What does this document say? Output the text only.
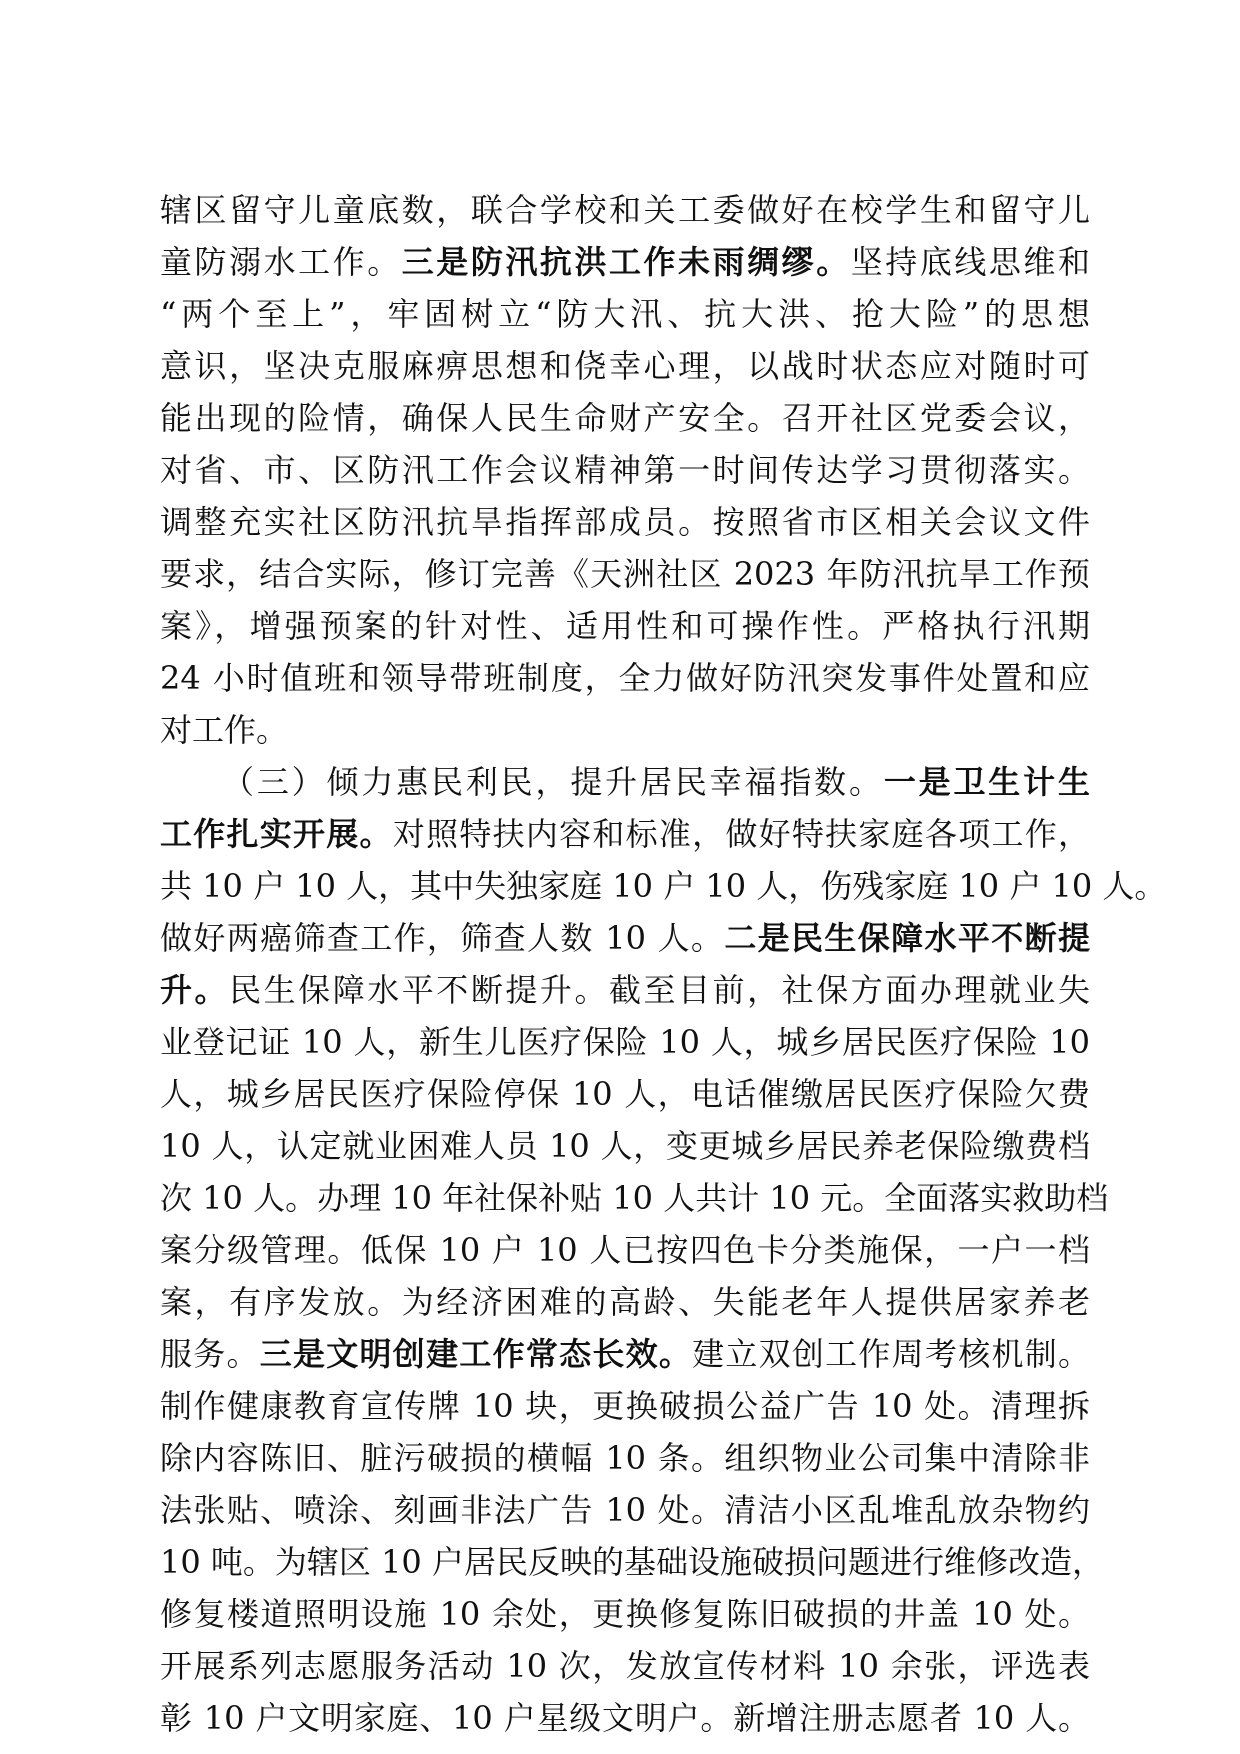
辖区留守儿童底数，联合学校和关工委做好在校学生和留守儿
童防溺水工作。三是防汛抗洪工作未雨绸缪。坚持底线思维和
“两个至上”，牢固树立“防大汛、抗大洪、抢大险”的思想
意识，坚决克服麻痹思想和侥幸心理，以战时状态应对随时可
能出现的险情，确保人民生命财产安全。召开社区党委会议，
对省、市、区防汛工作会议精神第一时间传达学习贯彻落实。
调整充实社区防汛抗旱指挥部成员。按照省市区相关会议文件
要求，结合实际，修订完善《天洲社区 2023 年防汛抗旱工作预
案》，增强预案的针对性、适用性和可操作性。严格执行汛期
24 小时值班和领导带班制度，全力做好防汛突发事件处置和应
对工作。
（三）倾力惠民利民，提升居民幸福指数。一是卫生计生
工作扎实开展。对照特扶内容和标准，做好特扶家庭各项工作，
共 10 户 10 人，其中失独家庭 10 户 10 人，伤残家庭 10 户 10 人。
做好两癌筛查工作，筛查人数 10 人。二是民生保障水平不断提
升。民生保障水平不断提升。截至目前，社保方面办理就业失
业登记证 10 人，新生儿医疗保险 10 人，城乡居民医疗保险 10
人，城乡居民医疗保险停保 10 人，电话催缴居民医疗保险欠费
10 人，认定就业困难人员 10 人，变更城乡居民养老保险缴费档
次 10 人。办理 10 年社保补贴 10 人共计 10 元。全面落实救助档
案分级管理。低保 10 户 10 人已按四色卡分类施保，一户一档
案，有序发放。为经济困难的高龄、失能老年人提供居家养老
服务。三是文明创建工作常态长效。建立双创工作周考核机制。
制作健康教育宣传牌 10 块，更换破损公益广告 10 处。清理拆
除内容陈旧、脏污破损的横幅 10 条。组织物业公司集中清除非
法张贴、喷涂、刻画非法广告 10 处。清洁小区乱堆乱放杂物约
10 吨。为辖区 10 户居民反映的基础设施破损问题进行维修改造，
修复楼道照明设施 10 余处，更换修复陈旧破损的井盖 10 处。
开展系列志愿服务活动 10 次，发放宣传材料 10 余张，评选表
彰 10 户文明家庭、10 户星级文明户。新增注册志愿者 10 人。
